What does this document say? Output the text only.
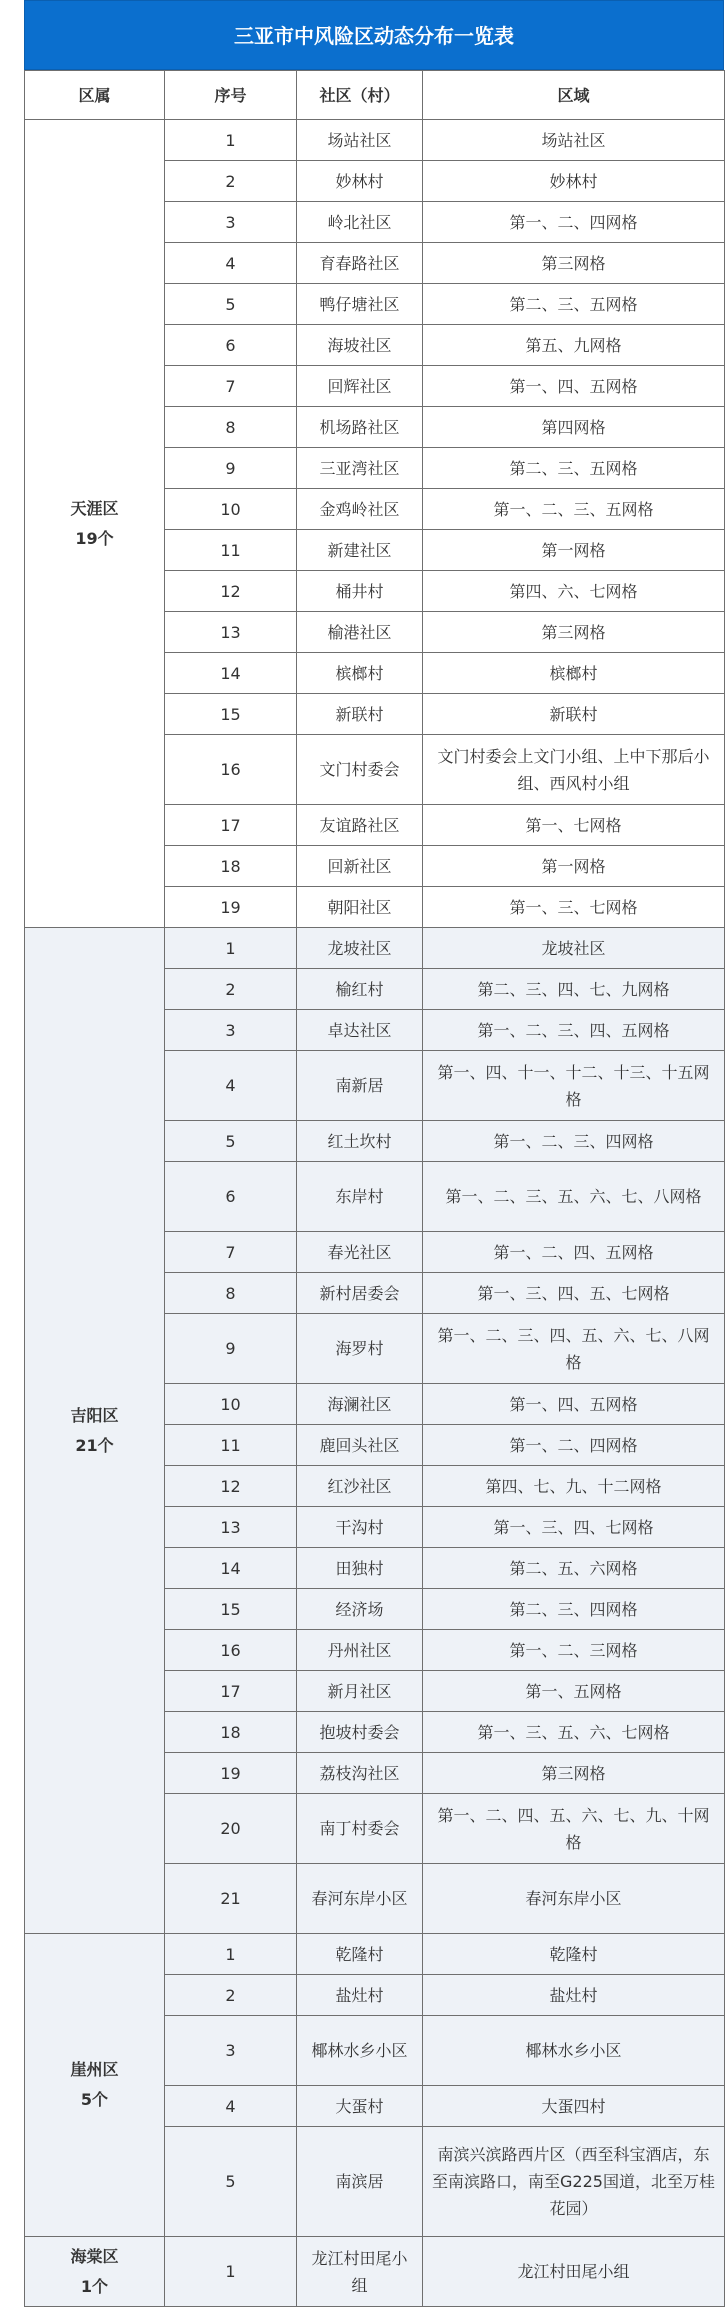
三亚市中风险区动态分布一览表
区属	序号	社区（村）	区域

天涯区
19个	1	场站社区	场站社区
	2	妙林村	妙林村
	3	岭北社区	第一、二、四网格
	4	育春路社区	第三网格
	5	鸭仔塘社区	第二、三、五网格
	6	海坡社区	第五、九网格
	7	回辉社区	第一、四、五网格
	8	机场路社区	第四网格
	9	三亚湾社区	第二、三、五网格
	10	金鸡岭社区	第一、二、三、五网格
	11	新建社区	第一网格
	12	桶井村	第四、六、七网格
	13	榆港社区	第三网格
	14	槟榔村	槟榔村
	15	新联村	新联村
	16	文门村委会	文门村委会上文门小组、上中下那后小组、西风村小组
	17	友谊路社区	第一、七网格
	18	回新社区	第一网格
	19	朝阳社区	第一、三、七网格

吉阳区
21个	1	龙坡社区	龙坡社区
	2	榆红村	第二、三、四、七、九网格
	3	卓达社区	第一、二、三、四、五网格
	4	南新居	第一、四、十一、十二、十三、十五网格
	5	红土坎村	第一、二、三、四网格
	6	东岸村	第一、二、三、五、六、七、八网格
	7	春光社区	第一、二、四、五网格
	8	新村居委会	第一、三、四、五、七网格
	9	海罗村	第一、二、三、四、五、六、七、八网格
	10	海澜社区	第一、四、五网格
	11	鹿回头社区	第一、二、四网格
	12	红沙社区	第四、七、九、十二网格
	13	干沟村	第一、三、四、七网格
	14	田独村	第二、五、六网格
	15	经济场	第二、三、四网格
	16	丹州社区	第一、二、三网格
	17	新月社区	第一、五网格
	18	抱坡村委会	第一、三、五、六、七网格
	19	荔枝沟社区	第三网格
	20	南丁村委会	第一、二、四、五、六、七、九、十网格
	21	春河东岸小区	春河东岸小区

崖州区
5个	1	乾隆村	乾隆村
	2	盐灶村	盐灶村
	3	椰林水乡小区	椰林水乡小区
	4	大蛋村	大蛋四村
	5	南滨居	南滨兴滨路西片区（西至科宝酒店，东至南滨路口，南至G225国道，北至万桂花园）

海棠区
1个	1	龙江村田尾小组	龙江村田尾小组
